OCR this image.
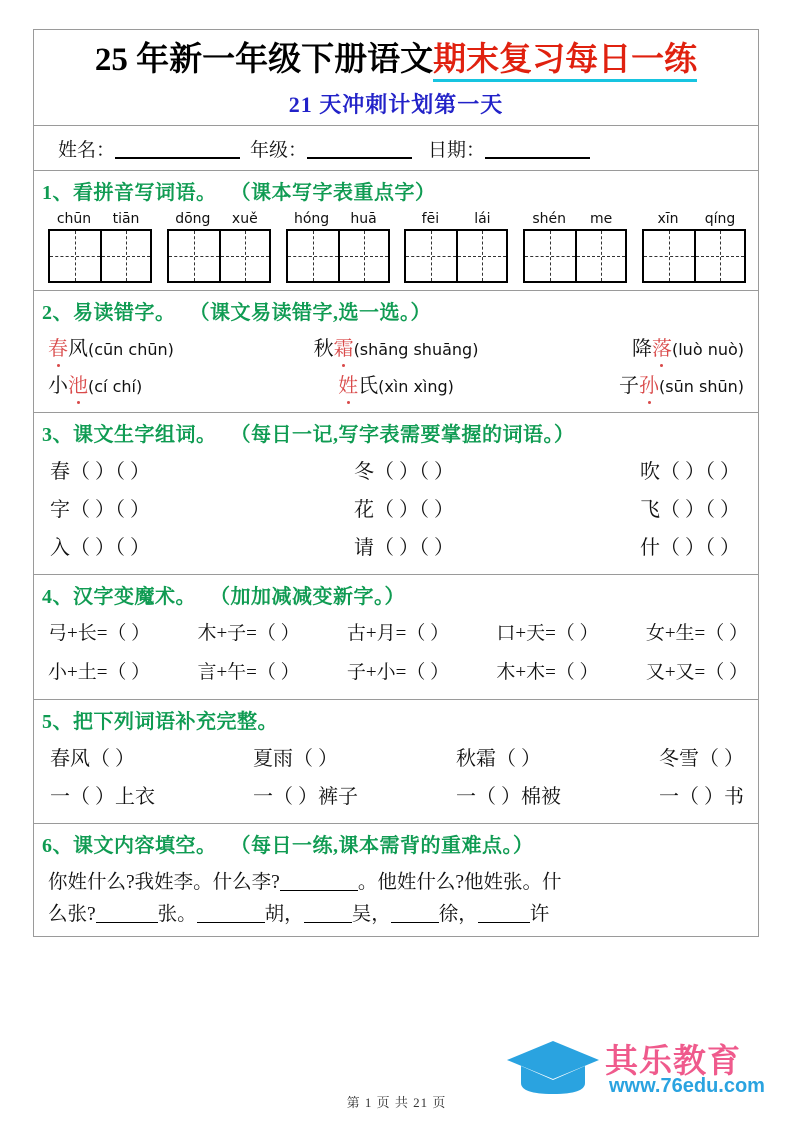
25 年新一年级下册语文期末复习每日一练
21 天冲刺计划第一天
姓名：	年级：	日期：
1、看拼音写词语。 （课本写字表重点字）
chūn	tiān	dōng	xuě	hóng	huā	fēi	lái	shén	me	xīn	qíng
2、易读错字。 （课文易读错字,选一选。）
春风(cūn chūn)	秋霜(shāng shuāng)	降落(luò nuò)
小池(cí chí)	姓氏(xìn xìng)	子孙(sūn shūn)
3、课文生字组词。 （每日一记,写字表需要掌握的词语。）
春（ ）（ ）	冬（ ）（ ）	吹（ ）（ ）
字（ ）（ ）	花（ ）（ ）	飞（ ）（ ）
入（ ）（ ）	请（ ）（ ）	什（ ）（ ）
4、汉字变魔术。 （加加减减变新字。）
弓+长=（ ） 木+子=（ ） 古+月=（ ） 口+天=（ ） 女+生=（ ）
小+土=（ ） 言+午=（ ） 子+小=（ ） 木+木=（ ） 又+又=（ ）
5、把下列词语补充完整。
春风（ ）	夏雨（ ）	秋霜（ ）	冬雪（ ）
一（ ）上衣	一（ ）裤子	一（ ）棉被	一（ ）书
6、课文内容填空。 （每日一练,课本需背的重难点。）
你姓什么?我姓李。什么李?	。他姓什么?他姓张。什
么张?	张。	胡， 吴， 徐，	许
其乐教育
www.76edu.com
第 1 页 共 21 页
